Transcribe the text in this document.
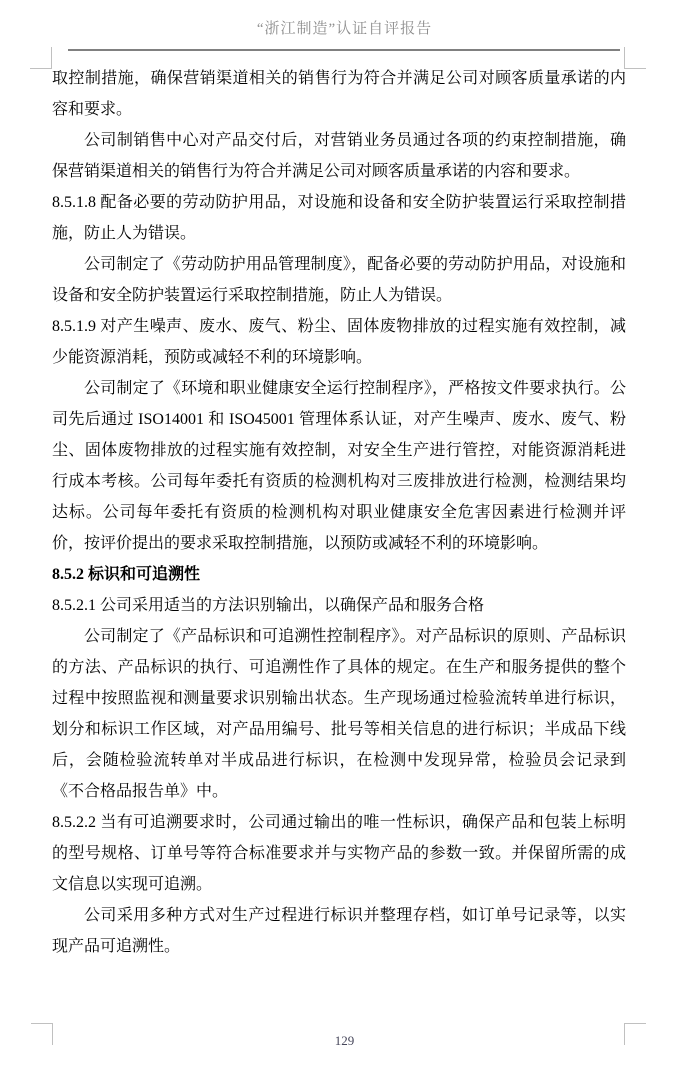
“浙江制造”认证自评报告
取控制措施，确保营销渠道相关的销售行为符合并满足公司对顾客质量承诺的内容和要求。
公司制销售中心对产品交付后，对营销业务员通过各项的约束控制措施，确保营销渠道相关的销售行为符合并满足公司对顾客质量承诺的内容和要求。
8.5.1.8 配备必要的劳动防护用品，对设施和设备和安全防护装置运行采取控制措施，防止人为错误。
公司制定了《劳动防护用品管理制度》，配备必要的劳动防护用品，对设施和设备和安全防护装置运行采取控制措施，防止人为错误。
8.5.1.9 对产生噪声、废水、废气、粉尘、固体废物排放的过程实施有效控制，减少能资源消耗，预防或减轻不利的环境影响。
公司制定了《环境和职业健康安全运行控制程序》，严格按文件要求执行。公司先后通过 ISO14001 和 ISO45001 管理体系认证，对产生噪声、废水、废气、粉尘、固体废物排放的过程实施有效控制，对安全生产进行管控，对能资源消耗进行成本考核。公司每年委托有资质的检测机构对三废排放进行检测，检测结果均达标。公司每年委托有资质的检测机构对职业健康安全危害因素进行检测并评价，按评价提出的要求采取控制措施，以预防或减轻不利的环境影响。
8.5.2 标识和可追溯性
8.5.2.1 公司采用适当的方法识别输出，以确保产品和服务合格
公司制定了《产品标识和可追溯性控制程序》。对产品标识的原则、产品标识的方法、产品标识的执行、可追溯性作了具体的规定。在生产和服务提供的整个过程中按照监视和测量要求识别输出状态。生产现场通过检验流转单进行标识，划分和标识工作区域，对产品用编号、批号等相关信息的进行标识；半成品下线后，会随检验流转单对半成品进行标识，在检测中发现异常，检验员会记录到《不合格品报告单》中。
8.5.2.2 当有可追溯要求时，公司通过输出的唯一性标识，确保产品和包装上标明的型号规格、订单号等符合标准要求并与实物产品的参数一致。并保留所需的成文信息以实现可追溯。
公司采用多种方式对生产过程进行标识并整理存档，如订单号记录等，以实现产品可追溯性。
129
